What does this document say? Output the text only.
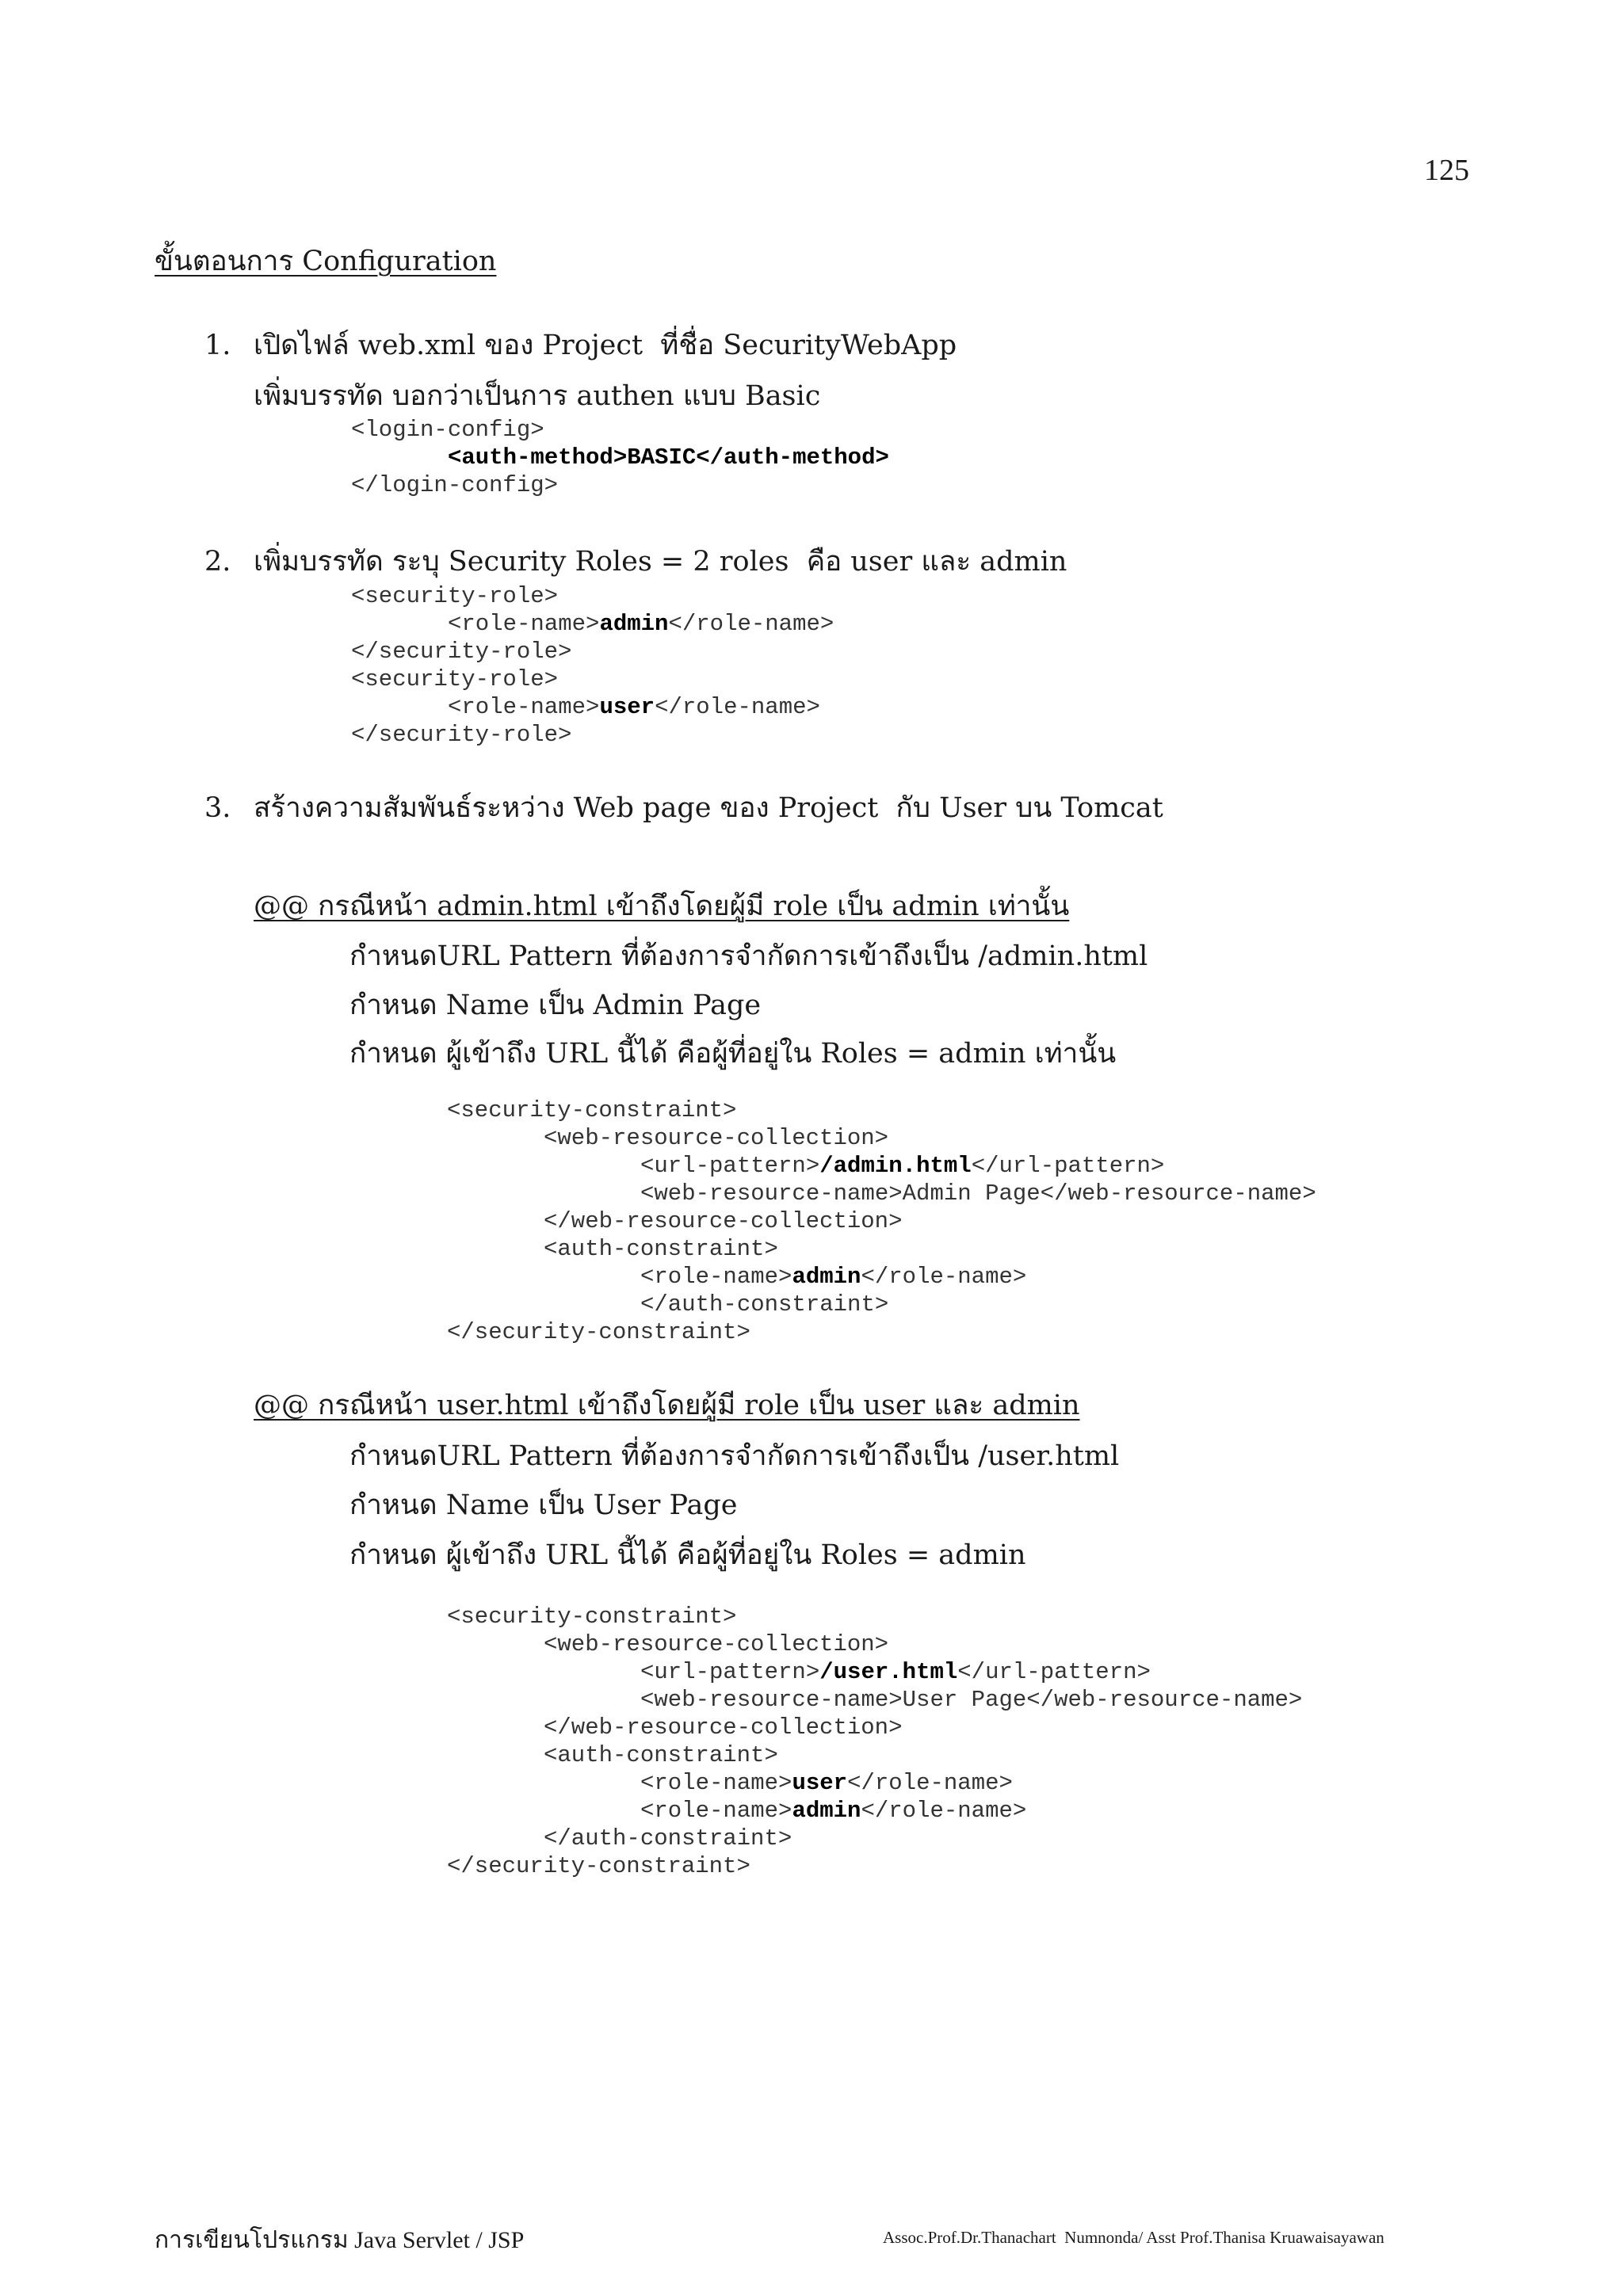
125
ขั้นตอนการ Configuration
1. เปิดไฟล์ web.xml ของ Project  ที่ชื่อ SecurityWebApp
เพิ่มบรรทัด บอกว่าเป็นการ authen แบบ Basic
<login-config>
<auth-method>BASIC</auth-method>
</login-config>
2. เพิ่มบรรทัด ระบุ Security Roles = 2 roles  คือ user และ admin
<security-role>
<role-name>admin</role-name>
</security-role>
<security-role>
<role-name>user</role-name>
</security-role>
3. สร้างความสัมพันธ์ระหว่าง Web page ของ Project  กับ User บน Tomcat
@@ กรณีหน้า admin.html เข้าถึงโดยผู้มี role เป็น admin เท่านั้น
กำหนดURL Pattern ที่ต้องการจำกัดการเข้าถึงเป็น /admin.html
กำหนด Name เป็น Admin Page
กำหนด ผู้เข้าถึง URL นี้ได้ คือผู้ที่อยู่ใน Roles = admin เท่านั้น
<security-constraint>
<web-resource-collection>
<url-pattern>/admin.html</url-pattern>
<web-resource-name>Admin Page</web-resource-name>
</web-resource-collection>
<auth-constraint>
<role-name>admin</role-name>
</auth-constraint>
</security-constraint>
@@ กรณีหน้า user.html เข้าถึงโดยผู้มี role เป็น user และ admin
กำหนดURL Pattern ที่ต้องการจำกัดการเข้าถึงเป็น /user.html
กำหนด Name เป็น User Page
กำหนด ผู้เข้าถึง URL นี้ได้ คือผู้ที่อยู่ใน Roles = admin
<security-constraint>
<web-resource-collection>
<url-pattern>/user.html</url-pattern>
<web-resource-name>User Page</web-resource-name>
</web-resource-collection>
<auth-constraint>
<role-name>user</role-name>
<role-name>admin</role-name>
</auth-constraint>
</security-constraint>
การเขียนโปรแกรม Java Servlet / JSP	Assoc.Prof.Dr.Thanachart  Numnonda/ Asst Prof.Thanisa Kruawaisayawan
